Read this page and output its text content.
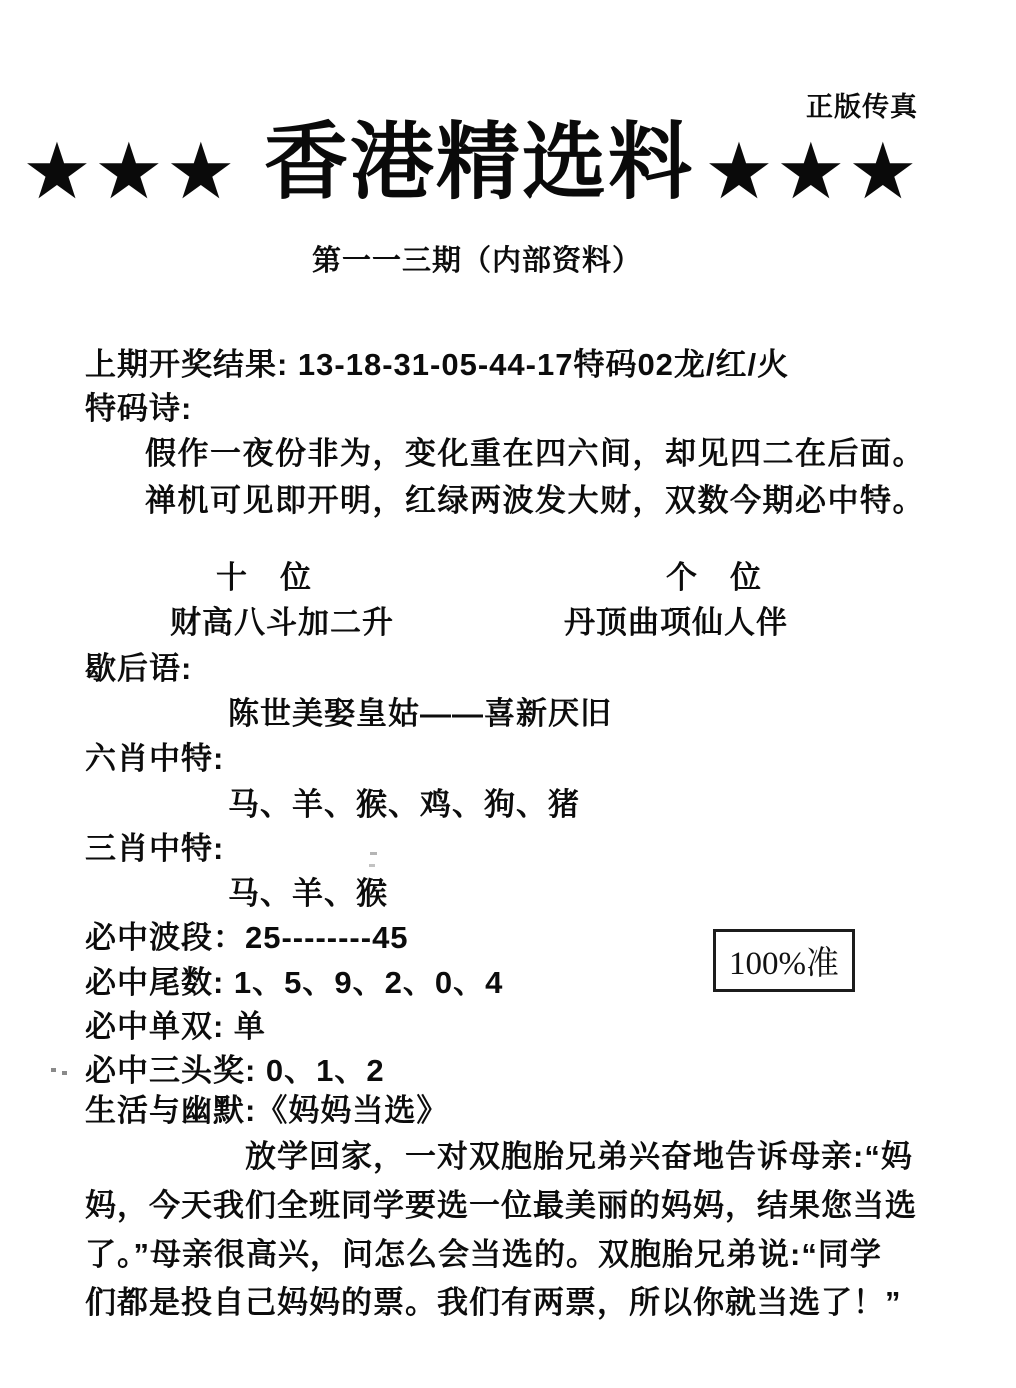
正版传真
★★★ 香港精选料 ★★★
第一一三期（内部资料）
上期开奖结果: 13-18-31-05-44-17特码02龙/红/火
特码诗:
假作一夜份非为，变化重在四六间，却见四二在后面。
禅机可见即开明，红绿两波发大财，双数今期必中特。
十　位	个　位
财高八斗加二升	丹顶曲项仙人伴
歇后语:
陈世美娶皇姑——喜新厌旧
六肖中特:
马、羊、猴、鸡、狗、猪
三肖中特:
马、羊、猴
必中波段：25--------45
必中尾数: 1、5、9、2、0、4
必中单双: 单
必中三头奖: 0、1、2
100%准
生活与幽默:《妈妈当选》
放学回家，一对双胞胎兄弟兴奋地告诉母亲:“妈
妈，今天我们全班同学要选一位最美丽的妈妈，结果您当选
了。”母亲很高兴，问怎么会当选的。双胞胎兄弟说:“同学
们都是投自己妈妈的票。我们有两票，所以你就当选了！”
